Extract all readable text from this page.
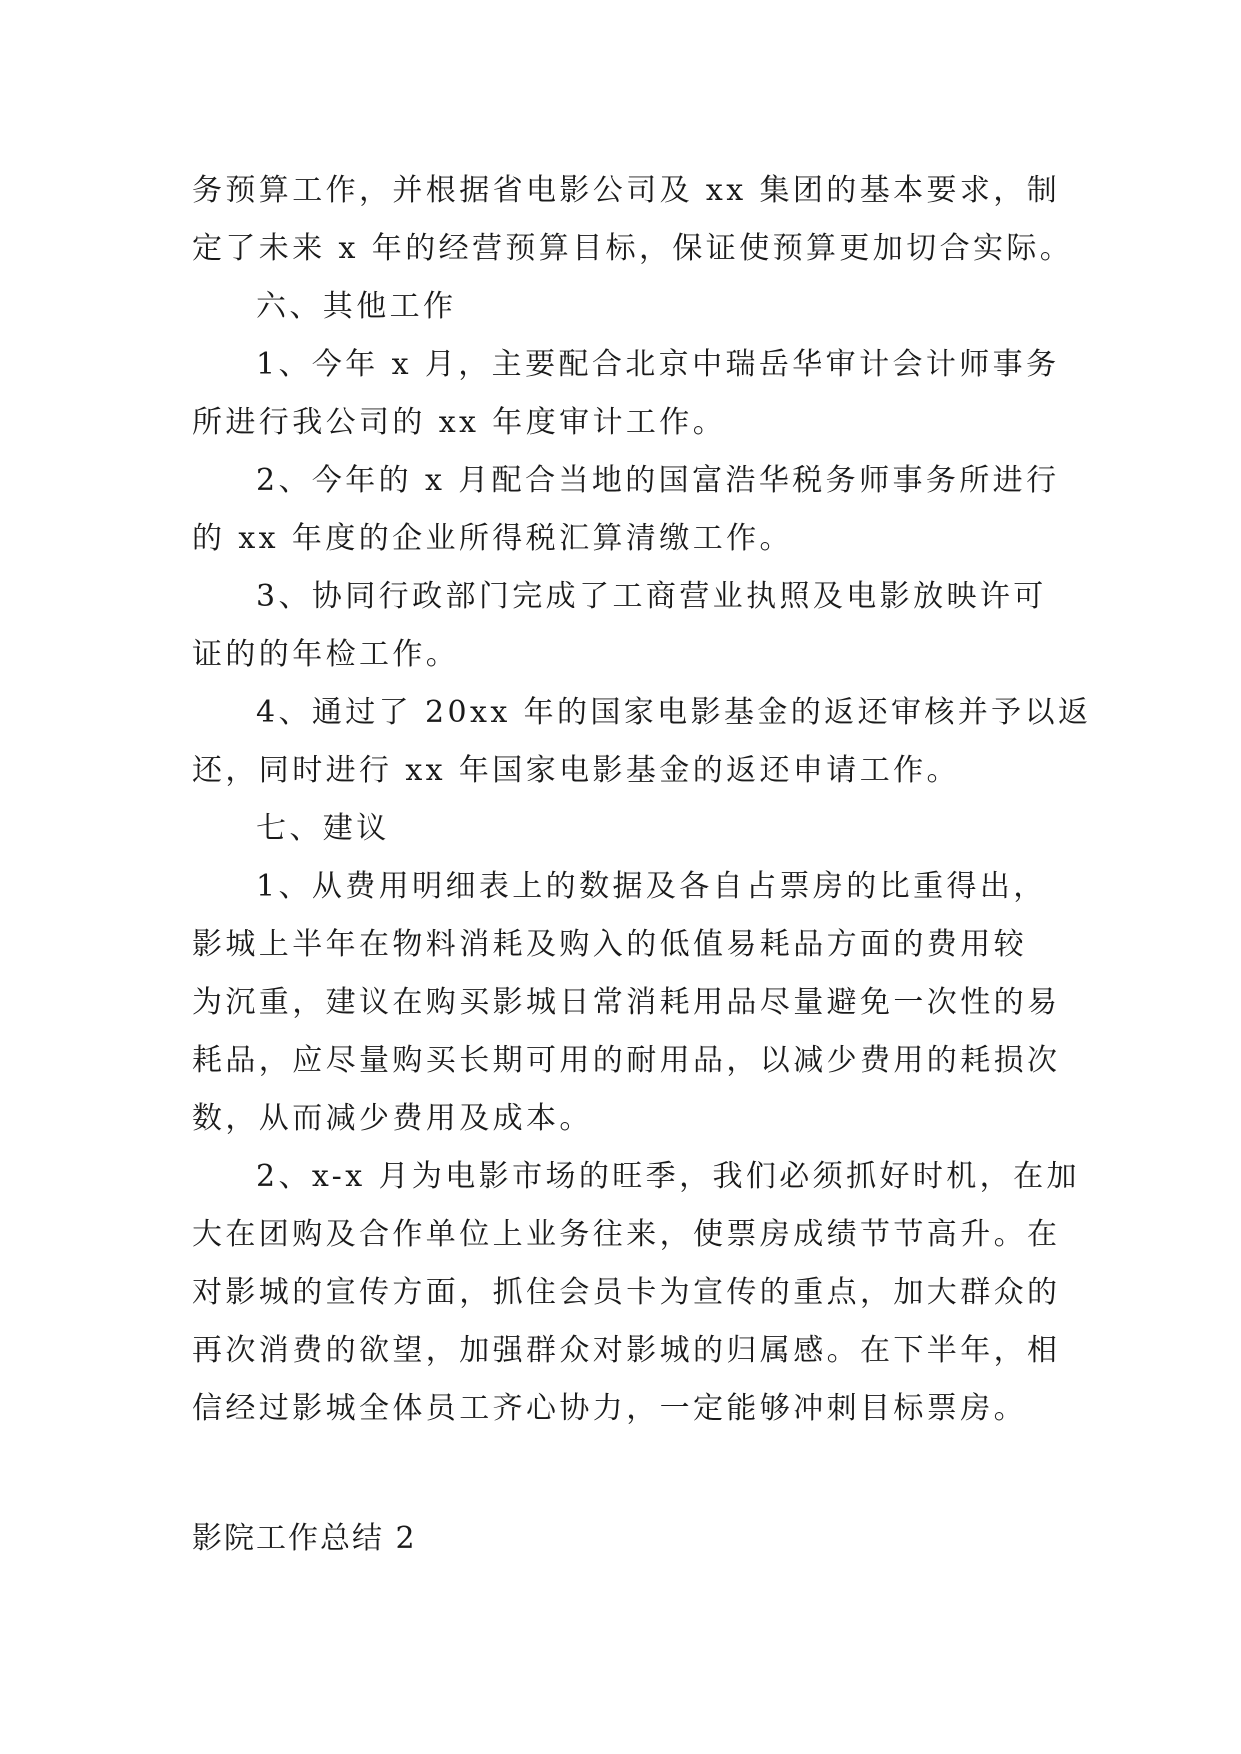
务预算工作，并根据省电影公司及 xx 集团的基本要求，制
定了未来 x 年的经营预算目标，保证使预算更加切合实际。
六、其他工作
1、今年 x 月，主要配合北京中瑞岳华审计会计师事务
所进行我公司的 xx 年度审计工作。
2、今年的 x 月配合当地的国富浩华税务师事务所进行
的 xx 年度的企业所得税汇算清缴工作。
3、协同行政部门完成了工商营业执照及电影放映许可
证的的年检工作。
4、通过了 20xx 年的国家电影基金的返还审核并予以返
还，同时进行 xx 年国家电影基金的返还申请工作。
七、建议
1、从费用明细表上的数据及各自占票房的比重得出，
影城上半年在物料消耗及购入的低值易耗品方面的费用较
为沉重，建议在购买影城日常消耗用品尽量避免一次性的易
耗品，应尽量购买长期可用的耐用品，以减少费用的耗损次
数，从而减少费用及成本。
2、x-x 月为电影市场的旺季，我们必须抓好时机，在加
大在团购及合作单位上业务往来，使票房成绩节节高升。在
对影城的宣传方面，抓住会员卡为宣传的重点，加大群众的
再次消费的欲望，加强群众对影城的归属感。在下半年，相
信经过影城全体员工齐心协力，一定能够冲刺目标票房。
影院工作总结 2
